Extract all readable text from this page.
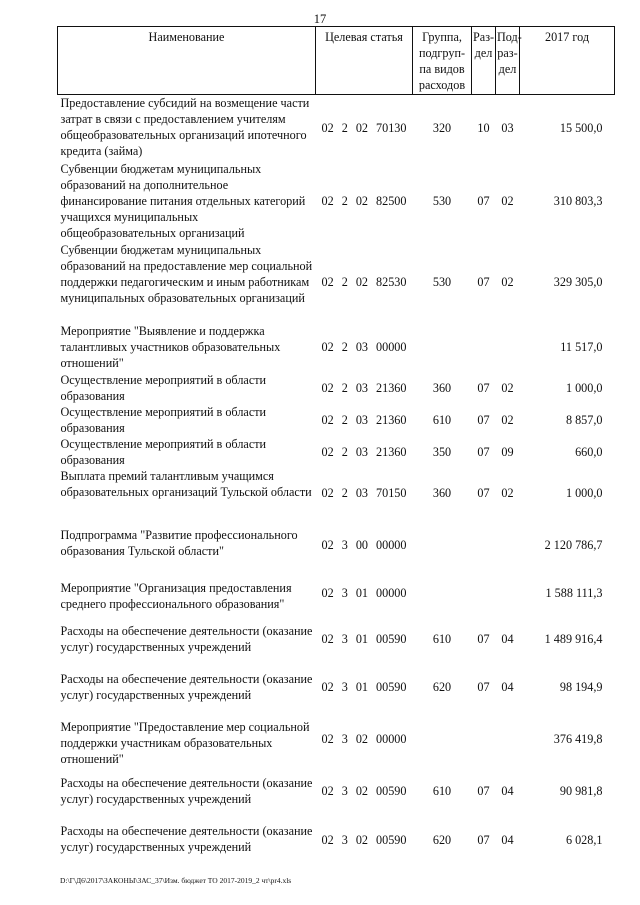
17
Наименование	Целевая статья	Группа, подгруп-па видов расходов	Раз-дел	Под-раз-дел	2017 год
Предоставление субсидий на возмещение части затрат в связи с предоставлением учителям общеобразовательных организаций ипотечного кредита (займа)	02 2 02 70130	320	10	03	15 500,0
Субвенции бюджетам муниципальных образований на дополнительное финансирование питания отдельных категорий учащихся муниципальных общеобразовательных организаций	02 2 02 82500	530	07	02	310 803,3
Субвенции бюджетам муниципальных образований на предоставление мер социальной поддержки педагогическим и иным работникам муниципальных образовательных организаций	02 2 02 82530	530	07	02	329 305,0
Мероприятие "Выявление и поддержка талантливых участников образовательных отношений"	02 2 03 00000				11 517,0
Осуществление мероприятий в области образования	02 2 03 21360	360	07	02	1 000,0
Осуществление мероприятий в области образования	02 2 03 21360	610	07	02	8 857,0
Осуществление мероприятий в области образования	02 2 03 21360	350	07	09	660,0
Выплата премий талантливым учащимся образовательных организаций Тульской области	02 2 03 70150	360	07	02	1 000,0
Подпрограмма "Развитие профессионального образования Тульской области"	02 3 00 00000				2 120 786,7
Мероприятие "Организация предоставления среднего профессионального образования"	02 3 01 00000				1 588 111,3
Расходы на обеспечение деятельности (оказание услуг) государственных учреждений	02 3 01 00590	610	07	04	1 489 916,4
Расходы на обеспечение деятельности (оказание услуг) государственных учреждений	02 3 01 00590	620	07	04	98 194,9
Мероприятие "Предоставление мер социальной поддержки участникам образовательных отношений"	02 3 02 00000				376 419,8
Расходы на обеспечение деятельности (оказание услуг) государственных учреждений	02 3 02 00590	610	07	04	90 981,8
Расходы на обеспечение деятельности (оказание услуг) государственных учреждений	02 3 02 00590	620	07	04	6 028,1
D:\Г\Д6\2017\ЗАКОНЫ\ЗАС_37\Изм. бюджет ТО 2017-2019_2 чт\pr4.xls
